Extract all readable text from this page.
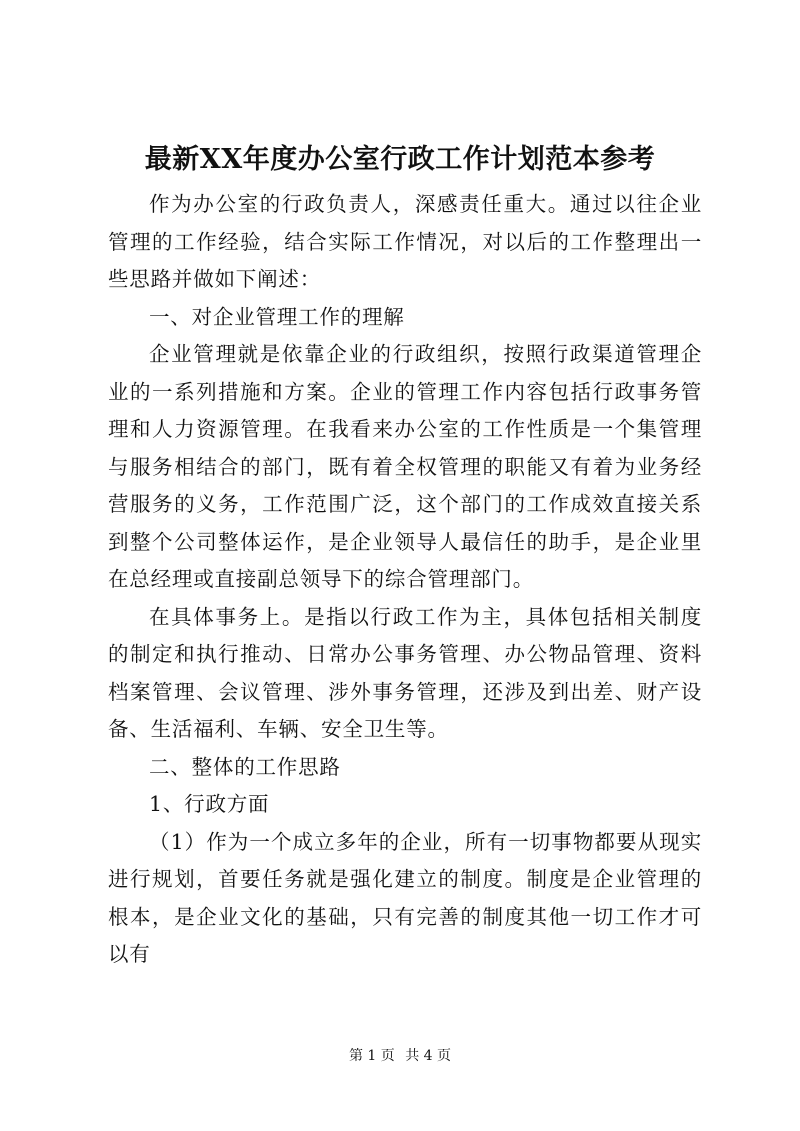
最新XX年度办公室行政工作计划范本参考

作为办公室的行政负责人，深感责任重大。通过以往企业管理的工作经验，结合实际工作情况，对以后的工作整理出一些思路并做如下阐述：

一、对企业管理工作的理解

企业管理就是依靠企业的行政组织，按照行政渠道管理企业的一系列措施和方案。企业的管理工作内容包括行政事务管理和人力资源管理。在我看来办公室的工作性质是一个集管理与服务相结合的部门，既有着全权管理的职能又有着为业务经营服务的义务，工作范围广泛，这个部门的工作成效直接关系到整个公司整体运作，是企业领导人最信任的助手，是企业里在总经理或直接副总领导下的综合管理部门。

在具体事务上。是指以行政工作为主，具体包括相关制度的制定和执行推动、日常办公事务管理、办公物品管理、资料档案管理、会议管理、涉外事务管理，还涉及到出差、财产设备、生活福利、车辆、安全卫生等。

二、整体的工作思路

1、行政方面

（1）作为一个成立多年的企业，所有一切事物都要从现实进行规划，首要任务就是强化建立的制度。制度是企业管理的根本，是企业文化的基础，只有完善的制度其他一切工作才可以有

第 1 页 共 4 页
